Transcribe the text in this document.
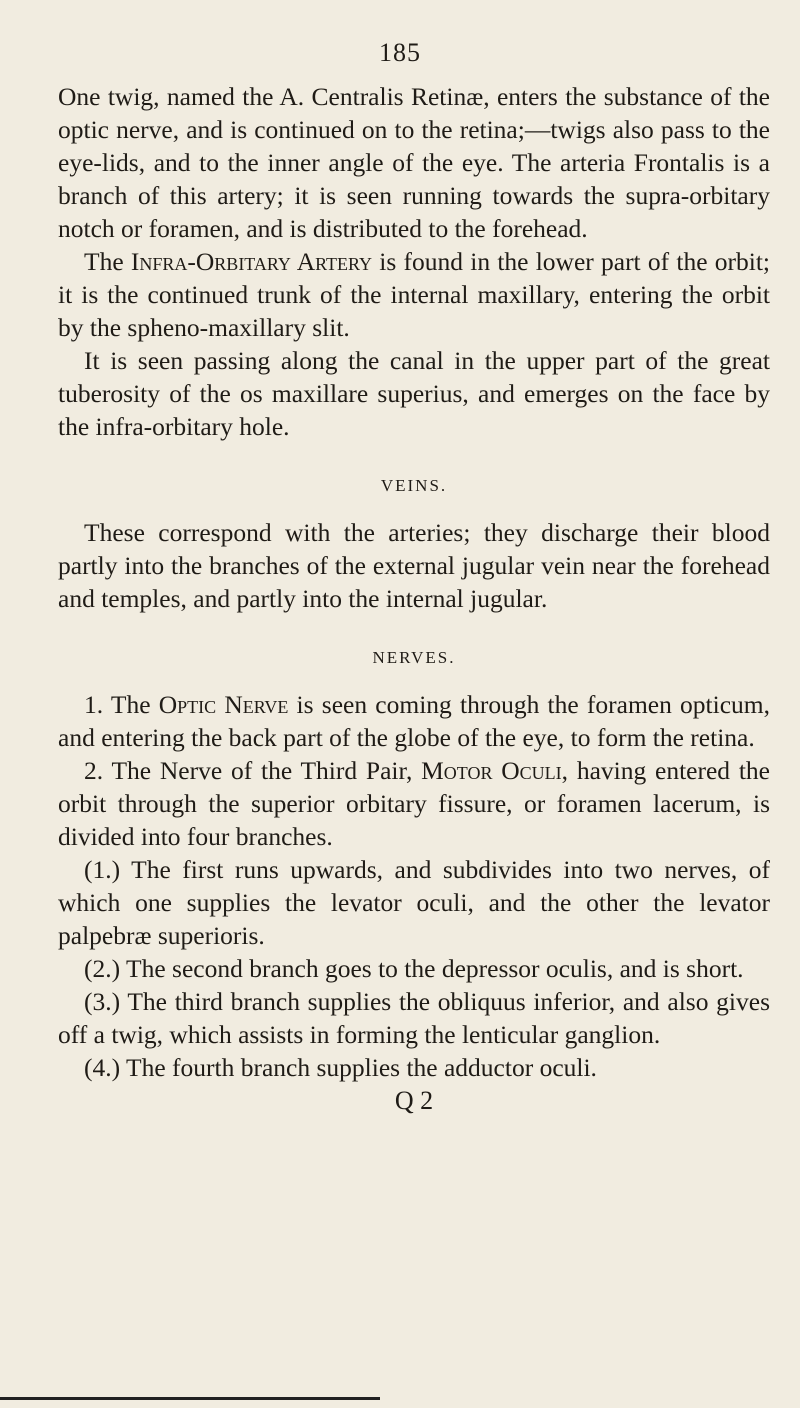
185

One twig, named the A. Centralis Retinæ, enters the substance of the optic nerve, and is continued on to the retina;—twigs also pass to the eye-lids, and to the inner angle of the eye. The arteria Frontalis is a branch of this artery; it is seen running towards the supra-orbitary notch or foramen, and is distributed to the forehead.

The Infra-Orbitary Artery is found in the lower part of the orbit; it is the continued trunk of the internal maxillary, entering the orbit by the spheno-maxillary slit.

It is seen passing along the canal in the upper part of the great tuberosity of the os maxillare superius, and emerges on the face by the infra-orbitary hole.

VEINS.

These correspond with the arteries; they discharge their blood partly into the branches of the external jugular vein near the forehead and temples, and partly into the internal jugular.

NERVES.

1. The Optic Nerve is seen coming through the foramen opticum, and entering the back part of the globe of the eye, to form the retina.

2. The Nerve of the Third Pair, Motor Oculi, having entered the orbit through the superior orbitary fissure, or foramen lacerum, is divided into four branches.

(1.) The first runs upwards, and subdivides into two nerves, of which one supplies the levator oculi, and the other the levator palpebræ superioris.

(2.) The second branch goes to the depressor oculis, and is short.

(3.) The third branch supplies the obliquus inferior, and also gives off a twig, which assists in forming the lenticular ganglion.

(4.) The fourth branch supplies the adductor oculi.

Q 2
